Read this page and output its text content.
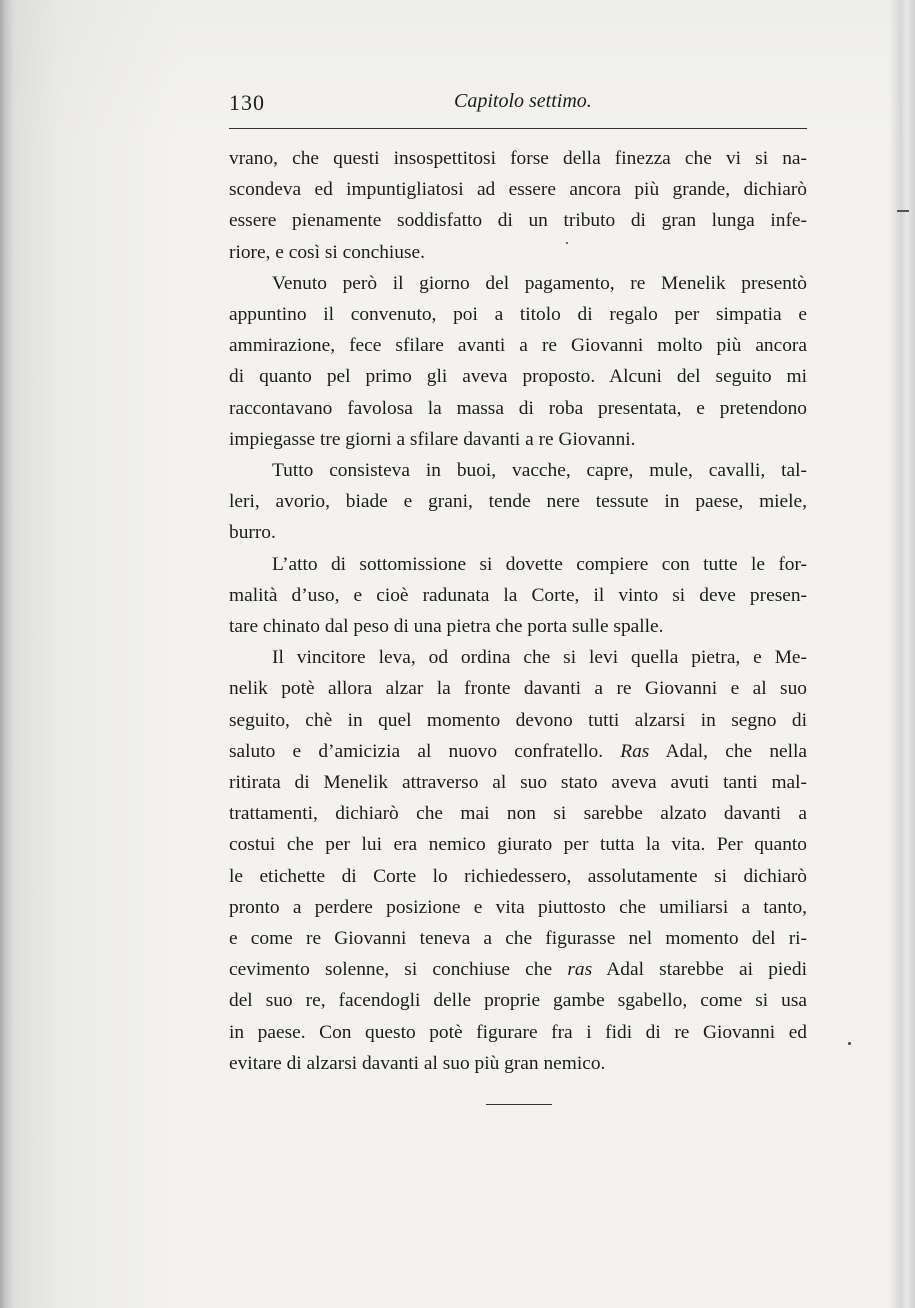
130	Capitolo settimo.

vrano, che questi insospettitosi forse della finezza che vi si na-
scondeva ed impuntigliatosi ad essere ancora più grande, dichiarò
essere pienamente soddisfatto di un tributo di gran lunga infe-
riore, e così si conchiuse.

Venuto però il giorno del pagamento, re Menelik presentò
appuntino il convenuto, poi a titolo di regalo per simpatia e
ammirazione, fece sfilare avanti a re Giovanni molto più ancora
di quanto pel primo gli aveva proposto. Alcuni del seguito mi
raccontavano favolosa la massa di roba presentata, e pretendono
impiegasse tre giorni a sfilare davanti a re Giovanni.

Tutto consisteva in buoi, vacche, capre, mule, cavalli, tal-
leri, avorio, biade e grani, tende nere tessute in paese, miele,
burro.

L’atto di sottomissione si dovette compiere con tutte le for-
malità d’uso, e cioè radunata la Corte, il vinto si deve presen-
tare chinato dal peso di una pietra che porta sulle spalle.

Il vincitore leva, od ordina che si levi quella pietra, e Me-
nelik potè allora alzar la fronte davanti a re Giovanni e al suo
seguito, chè in quel momento devono tutti alzarsi in segno di
saluto e d’amicizia al nuovo confratello. Ras Adal, che nella
ritirata di Menelik attraverso al suo stato aveva avuti tanti mal-
trattamenti, dichiarò che mai non si sarebbe alzato davanti a
costui che per lui era nemico giurato per tutta la vita. Per quanto
le etichette di Corte lo richiedessero, assolutamente si dichiarò
pronto a perdere posizione e vita piuttosto che umiliarsi a tanto,
e come re Giovanni teneva a che figurasse nel momento del ri-
cevimento solenne, si conchiuse che ras Adal starebbe ai piedi
del suo re, facendogli delle proprie gambe sgabello, come si usa
in paese. Con questo potè figurare fra i fidi di re Giovanni ed
evitare di alzarsi davanti al suo più gran nemico.
